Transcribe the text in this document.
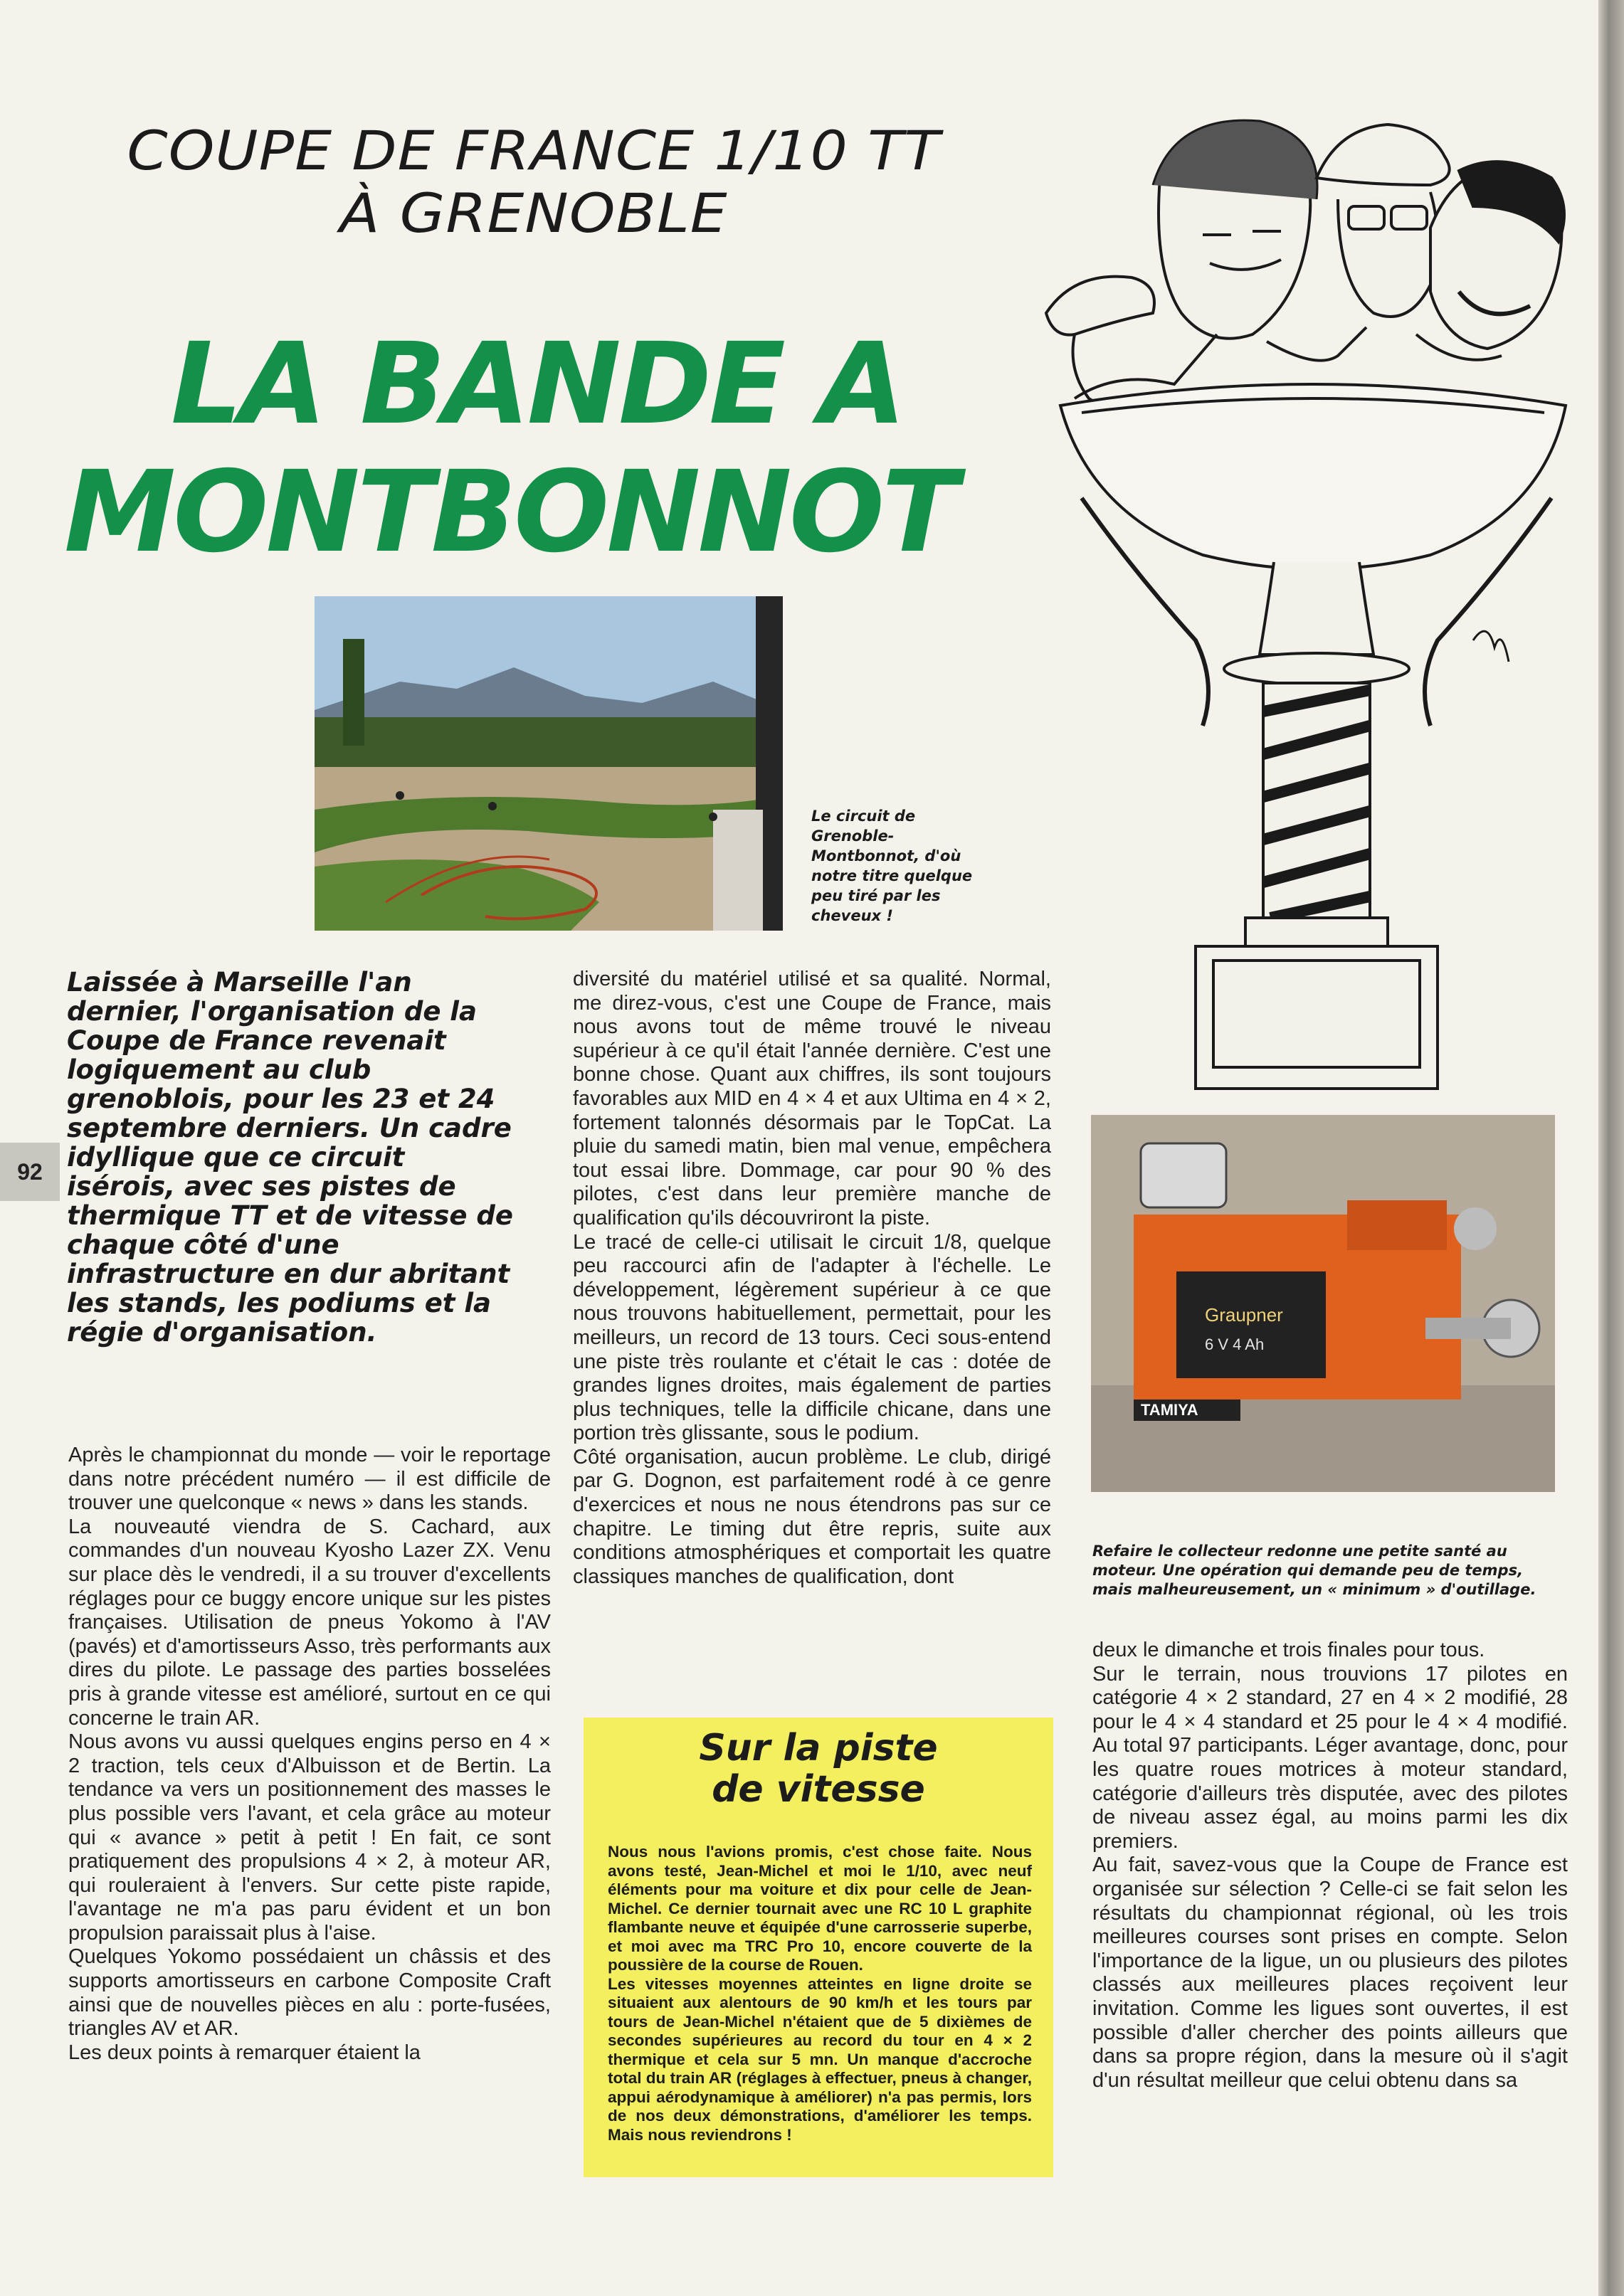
COUPE DE FRANCE 1/10 TT
À GRENOBLE
LA BANDE A
MONTBONNOT
Le circuit de Grenoble-Montbonnot, d'où notre titre quelque peu tiré par les cheveux !
Graupner
6 V 4 Ah
TAMIYA
Refaire le collecteur redonne une petite santé au moteur. Une opération qui demande peu de temps, mais malheureusement, un « minimum » d'outillage.
92
Laissée à Marseille l'an dernier, l'organisation de la Coupe de France revenait logiquement au club grenoblois, pour les 23 et 24 septembre derniers. Un cadre idyllique que ce circuit isérois, avec ses pistes de thermique TT et de vitesse de chaque côté d'une infrastructure en dur abritant les stands, les podiums et la régie d'organisation.

Après le championnat du monde — voir le reportage dans notre précédent numéro — il est difficile de trouver une quelconque « news » dans les stands.

La nouveauté viendra de S. Cachard, aux commandes d'un nouveau Kyosho Lazer ZX. Venu sur place dès le vendredi, il a su trouver d'excellents réglages pour ce buggy encore unique sur les pistes françaises. Utilisation de pneus Yokomo à l'AV (pavés) et d'amortisseurs Asso, très performants aux dires du pilote. Le passage des parties bosselées pris à grande vitesse est amélioré, surtout en ce qui concerne le train AR.

Nous avons vu aussi quelques engins perso en 4 × 2 traction, tels ceux d'Albuisson et de Bertin. La tendance va vers un positionnement des masses le plus possible vers l'avant, et cela grâce au moteur qui « avance » petit à petit ! En fait, ce sont pratiquement des propulsions 4 × 2, à moteur AR, qui rouleraient à l'envers. Sur cette piste rapide, l'avantage ne m'a pas paru évident et un bon propulsion paraissait plus à l'aise.

Quelques Yokomo possédaient un châssis et des supports amortisseurs en carbone Composite Craft ainsi que de nouvelles pièces en alu : porte-fusées, triangles AV et AR.

Les deux points à remarquer étaient la

diversité du matériel utilisé et sa qualité. Normal, me direz-vous, c'est une Coupe de France, mais nous avons tout de même trouvé le niveau supérieur à ce qu'il était l'année dernière. C'est une bonne chose. Quant aux chiffres, ils sont toujours favorables aux MID en 4 × 4 et aux Ultima en 4 × 2, fortement talonnés désormais par le TopCat. La pluie du samedi matin, bien mal venue, empêchera tout essai libre. Dommage, car pour 90 % des pilotes, c'est dans leur première manche de qualification qu'ils découvriront la piste.

Le tracé de celle-ci utilisait le circuit 1/8, quelque peu raccourci afin de l'adapter à l'échelle. Le développement, légèrement supérieur à ce que nous trouvons habituellement, permettait, pour les meilleurs, un record de 13 tours. Ceci sous-entend une piste très roulante et c'était le cas : dotée de grandes lignes droites, mais également de parties plus techniques, telle la difficile chicane, dans une portion très glissante, sous le podium.

Côté organisation, aucun problème. Le club, dirigé par G. Dognon, est parfaitement rodé à ce genre d'exercices et nous ne nous étendrons pas sur ce chapitre. Le timing dut être repris, suite aux conditions atmosphériques et comportait les quatre classiques manches de qualification, dont

Sur la piste
de vitesse
Nous nous l'avions promis, c'est chose faite. Nous avons testé, Jean-Michel et moi le 1/10, avec neuf éléments pour ma voiture et dix pour celle de Jean-Michel. Ce dernier tournait avec une RC 10 L graphite flambante neuve et équipée d'une carrosserie superbe, et moi avec ma TRC Pro 10, encore couverte de la poussière de la course de Rouen.
Les vitesses moyennes atteintes en ligne droite se situaient aux alentours de 90 km/h et les tours par tours de Jean-Michel n'étaient que de 5 dixièmes de secondes supérieures au record du tour en 4 × 2 thermique et cela sur 5 mn. Un manque d'accroche total du train AR (réglages à effectuer, pneus à changer, appui aérodynamique à améliorer) n'a pas permis, lors de nos deux démonstrations, d'améliorer les temps. Mais nous reviendrons !

deux le dimanche et trois finales pour tous.

Sur le terrain, nous trouvions 17 pilotes en catégorie 4 × 2 standard, 27 en 4 × 2 modifié, 28 pour le 4 × 4 standard et 25 pour le 4 × 4 modifié. Au total 97 participants. Léger avantage, donc, pour les quatre roues motrices à moteur standard, catégorie d'ailleurs très disputée, avec des pilotes de niveau assez égal, au moins parmi les dix premiers.

Au fait, savez-vous que la Coupe de France est organisée sur sélection ? Celle-ci se fait selon les résultats du championnat régional, où les trois meilleures courses sont prises en compte. Selon l'importance de la ligue, un ou plusieurs des pilotes classés aux meilleures places reçoivent leur invitation. Comme les ligues sont ouvertes, il est possible d'aller chercher des points ailleurs que dans sa propre région, dans la mesure où il s'agit d'un résultat meilleur que celui obtenu dans sa
